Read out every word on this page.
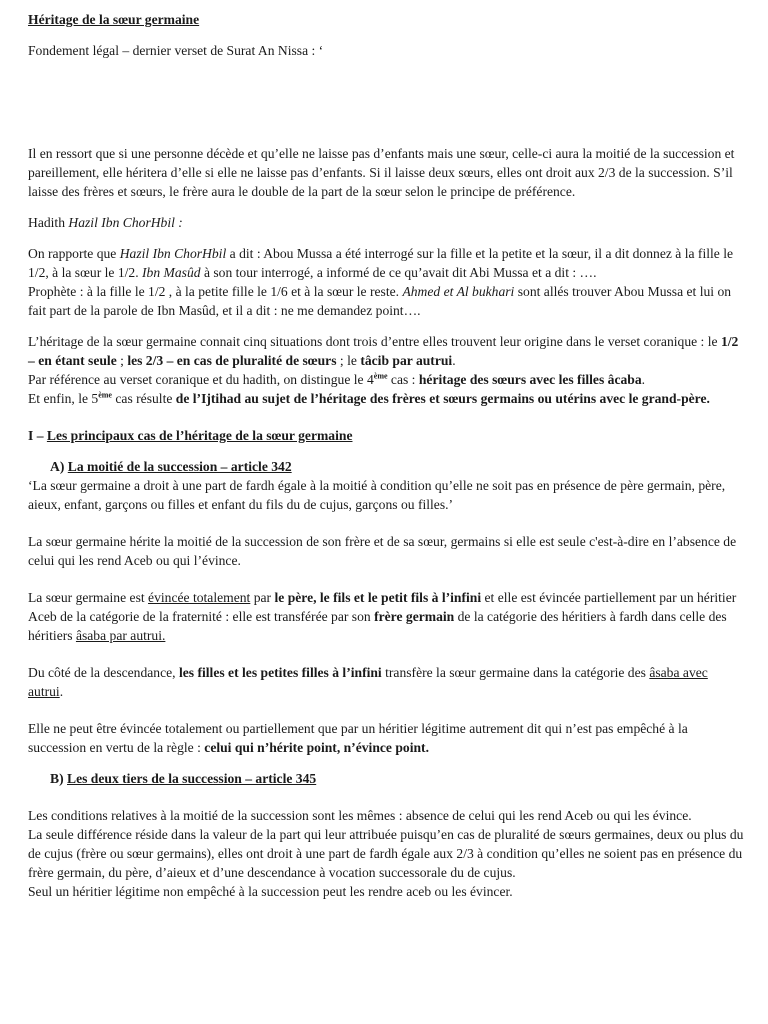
Héritage de la sœur germaine

Fondement légal – dernier verset de Surat An Nissa : ‘

Il en ressort que si une personne décède et qu’elle ne laisse pas d’enfants mais une sœur, celle-ci aura la moitié de la succession et pareillement, elle héritera d’elle si elle ne laisse pas d’enfants. Si il laisse deux sœurs, elles ont droit aux 2/3 de la succession. S’il laisse des frères et sœurs, le frère aura le double de la part de la sœur selon le principe de préférence.

Hadith Hazil Ibn ChorHbil :

On rapporte que Hazil Ibn ChorHbil a dit : Abou Mussa a été interrogé sur la fille et la petite et la sœur, il a dit donnez à la fille le 1/2, à la sœur le 1/2. Ibn Masûd à son tour interrogé, a informé de ce qu’avait dit Abi Mussa et a dit : ….

Prophète : à la fille le 1/2 , à la petite fille le 1/6 et à la sœur le reste. Ahmed et Al bukhari sont allés trouver Abou Mussa et lui on fait part de la parole de Ibn Masûd, et il a dit : ne me demandez point….

L’héritage de la sœur germaine connait cinq situations dont trois d’entre elles trouvent leur origine dans le verset coranique : le 1/2 – en étant seule ; les 2/3 – en cas de pluralité de sœurs ; le tâcib par autrui.

Par référence au verset coranique et du hadith, on distingue le 4ème cas : héritage des sœurs avec les filles âcaba.

Et enfin, le 5ème cas résulte de l’Ijtihad au sujet de l’héritage des frères et sœurs germains ou utérins avec le grand-père.

I – Les principaux cas de l’héritage de la sœur germaine

A) La moitié de la succession – article 342

‘La sœur germaine a droit à une part de fardh égale à la moitié à condition qu’elle ne soit pas en présence de père germain, père, aieux, enfant, garçons ou filles et enfant du fils du de cujus, garçons ou filles.’

La sœur germaine hérite la moitié de la succession de son frère et de sa sœur, germains si elle est seule c'est-à-dire en l’absence de celui qui les rend Aceb ou qui l’évince.

La sœur germaine est évincée totalement par le père, le fils et le petit fils à l’infini et elle est évincée partiellement par un héritier Aceb de la catégorie de la fraternité : elle est transférée par son frère germain de la catégorie des héritiers à fardh dans celle des héritiers âsaba par autrui.

Du côté de la descendance, les filles et les petites filles à l’infini transfère la sœur germaine dans la catégorie des âsaba avec autrui.

Elle ne peut être évincée totalement ou partiellement que par un héritier légitime autrement dit qui n’est pas empêché à la succession en vertu de la règle : celui qui n’hérite point, n’évince point.

B) Les deux tiers de la succession – article 345

Les conditions relatives à la moitié de la succession sont les mêmes : absence de celui qui les rend Aceb ou qui les évince.

La seule différence réside dans la valeur de la part qui leur attribuée puisqu’en cas de pluralité de sœurs germaines, deux ou plus du de cujus (frère ou sœur germains), elles ont droit à une part de fardh égale aux 2/3 à condition qu’elles ne soient pas en présence du frère germain, du père, d’aieux et d’une descendance à vocation successorale du de cujus.

Seul un héritier légitime non empêché à la succession peut les rendre aceb ou les évincer.
